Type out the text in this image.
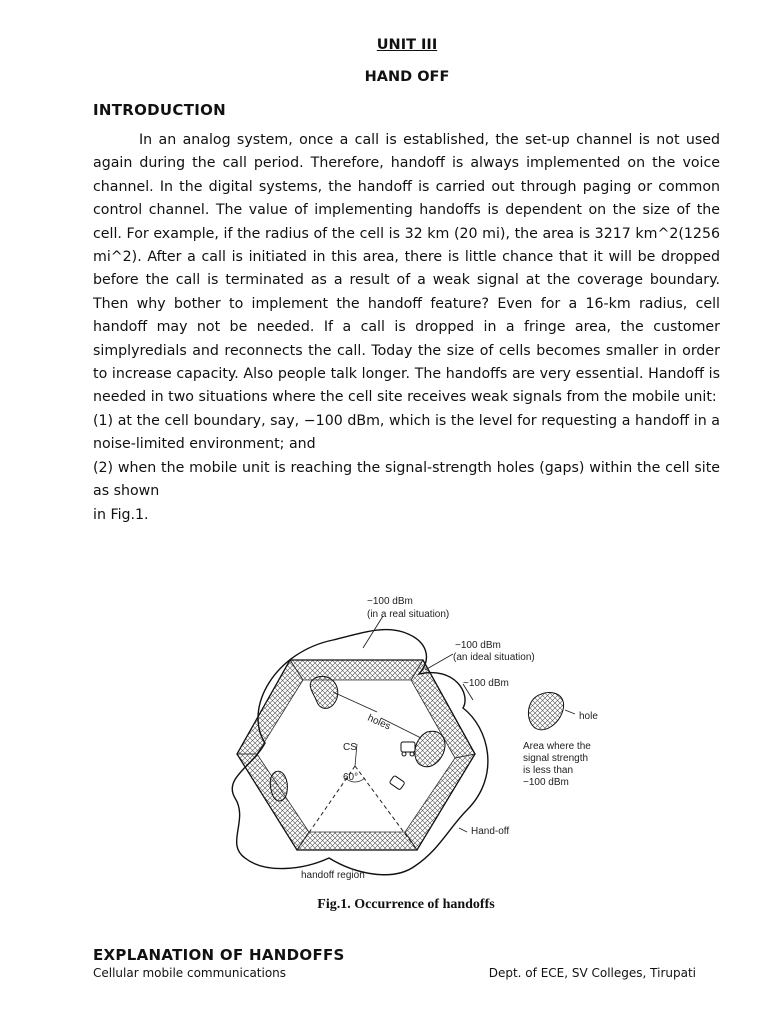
UNIT III
HAND OFF
INTRODUCTION

In an analog system, once a call is established, the set-up channel is not used again during the call period. Therefore, handoff is always implemented on the voice channel. In the digital systems, the handoff is carried out through paging or common control channel. The value of implementing handoffs is dependent on the size of the cell. For example, if the radius of the cell is 32 km (20 mi), the area is 3217 km^2(1256 mi^2). After a call is initiated in this area, there is little chance that it will be dropped before the call is terminated as a result of a weak signal at the coverage boundary. Then why bother to implement the handoff feature? Even for a 16-km radius, cell handoff may not be needed. If a call is dropped in a fringe area, the customer simplyredials and reconnects the call. Today the size of cells becomes smaller in order to increase capacity. Also people talk longer. The handoffs are very essential. Handoff is needed in two situations where the cell site receives weak signals from the mobile unit:

(1) at the cell boundary, say, −100 dBm, which is the level for requesting a handoff in a noise-limited environment; and

(2) when the mobile unit is reaching the signal-strength holes (gaps) within the cell site as shown

in Fig.1.

−100 dBm
(in a real situation)
−100 dBm
(an ideal situation)
−100 dBm
holes
CS
60°
Hand-off
handoff region
hole
Area where the
signal strength
is less than
−100 dBm
Fig.1. Occurrence of handoffs
EXPLANATION OF HANDOFFS
Cellular mobile communications	Dept. of ECE, SV Colleges, Tirupati
